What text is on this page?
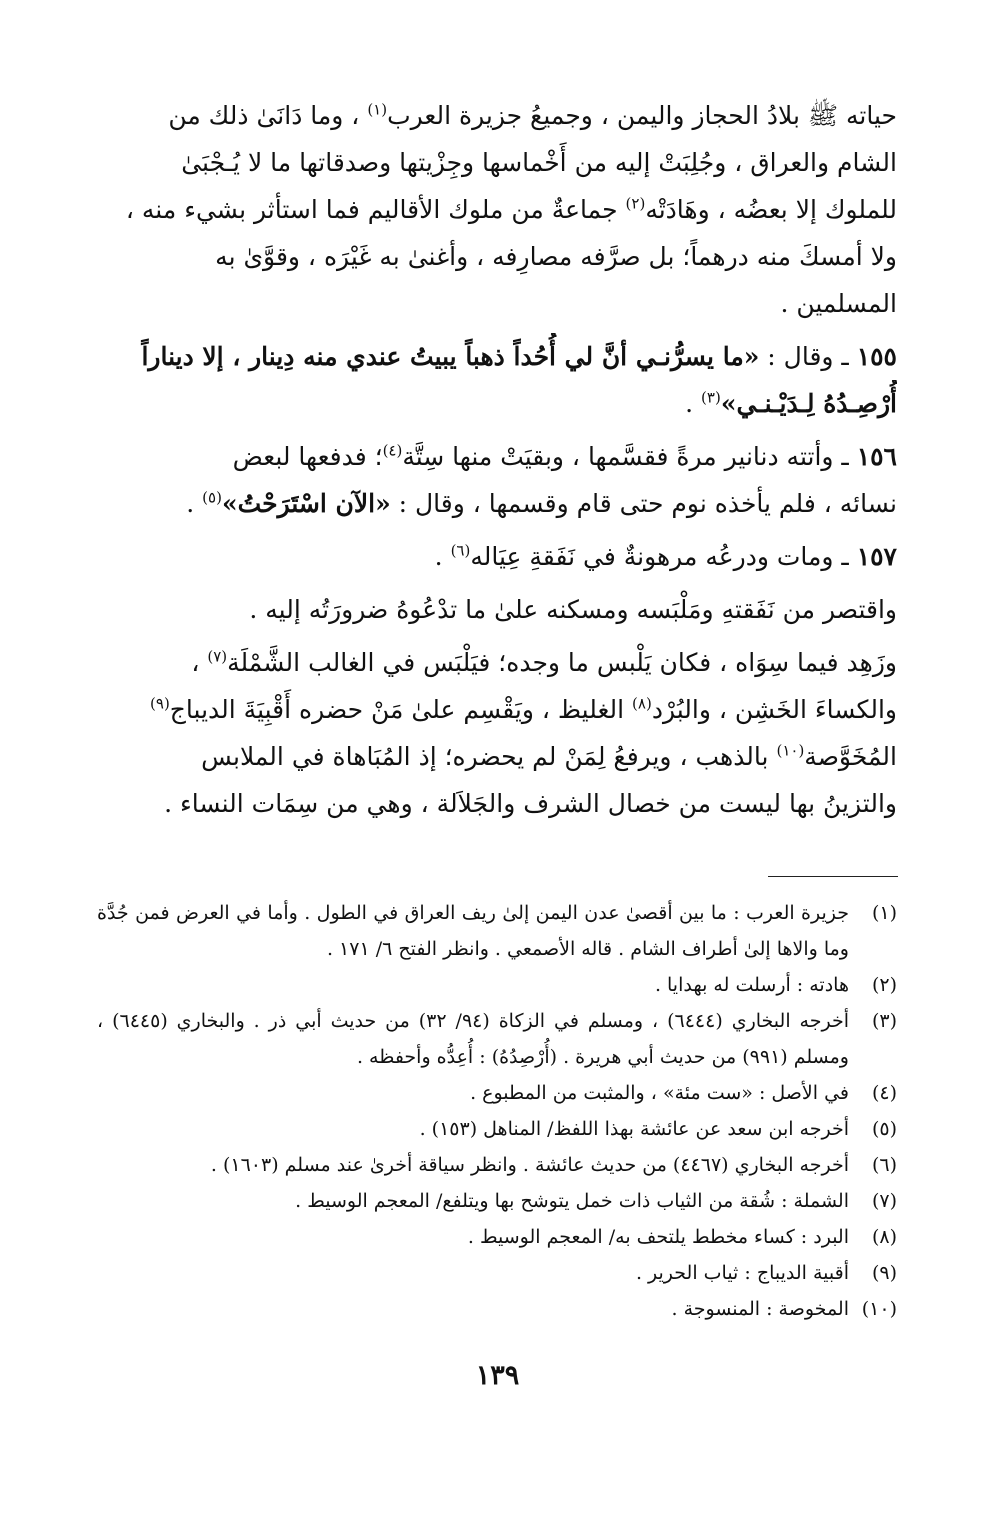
حياته ﷺ بلادُ الحجاز واليمن ، وجميعُ جزيرة العرب$^{(١)}$ ، وما دَانَىٰ ذلك من
الشام والعراق ، وجُلِبَتْ إليه من أَخْماسها وجِزْيتها وصدقاتها ما لا يُـجْبَىٰ
للملوك إلا بعضُه ، وهَادَتْه$^{(٢)}$ جماعةٌ من ملوك الأقاليم فما استأثر بشيء منه ،
ولا أمسكَ منه درهماً؛ بل صرَّفه مصارِفه ، وأغنىٰ به غَيْرَه ، وقوَّىٰ به
المسلمين .

١٥٥ ـ وقال : «ما يسرُّنـي أنَّ لي أُحُداً ذهباً يبيتُ عندي منه دِينار ، إلا ديناراً
أُرْصِـدُهُ لِـدَيْـنـي»$^{(٣)}$ .

١٥٦ ـ وأتته دنانير مرةً فقسَّمها ، وبقيَتْ منها سِتَّة$^{(٤)}$؛ فدفعها لبعض
نسائه ، فلم يأخذه نوم حتى قام وقسمها ، وقال : «الآن اسْتَرَحْتُ»$^{(٥)}$ .

١٥٧ ـ ومات ودرعُه مرهونةٌ في نَفَقةِ عِيَاله$^{(٦)}$ .

واقتصر من نَفَقتهِ ومَلْبَسه ومسكنه علىٰ ما تدْعُوهُ ضرورَتُه إليه .

وزَهِد فيما سِوَاه ، فكان يَلْبس ما وجده؛ فيَلْبَس في الغالب الشَّمْلَة$^{(٧)}$ ،
والكساءَ الخَشِن ، والبُرْد$^{(٨)}$ الغليظ ، ويَقْسِم علىٰ مَنْ حضره أَقْبِيَةَ الديباج$^{(٩)}$
المُخَوَّصة$^{(١٠)}$ بالذهب ، ويرفعُ لِمَنْ لم يحضره؛ إذ المُبَاهاة في الملابس
والتزينُ بها ليست من خصال الشرف والجَلاَلة ، وهي من سِمَات النساء .

(١)
جزيرة العرب : ما بين أقصىٰ عدن اليمن إلىٰ ريف العراق في الطول . وأما في العرض فمن جُدَّة وما والاها إلىٰ أطراف الشام . قاله الأصمعي . وانظر الفتح ٦/ ١٧١ .
(٢)
هادته : أرسلت له بهدايا .
(٣)
أخرجه البخاري (٦٤٤٤) ، ومسلم في الزكاة (٩٤/ ٣٢) من حديث أبي ذر . والبخاري (٦٤٤٥) ، ومسلم (٩٩١) من حديث أبي هريرة . (أُرْصِدُهُ) : أُعِدُّه وأحفظه .
(٤)
في الأصل : «ست مئة» ، والمثبت من المطبوع .
(٥)
أخرجه ابن سعد عن عائشة بهذا اللفظ/ المناهل (١٥٣) .
(٦)
أخرجه البخاري (٤٤٦٧) من حديث عائشة . وانظر سياقة أخرىٰ عند مسلم (١٦٠٣) .
(٧)
الشملة : شُقة من الثياب ذات خمل يتوشح بها ويتلفع/ المعجم الوسيط .
(٨)
البرد : كساء مخطط يلتحف به/ المعجم الوسيط .
(٩)
أقبية الديباج : ثياب الحرير .
(١٠)
المخوصة : المنسوجة .
١٣٩
